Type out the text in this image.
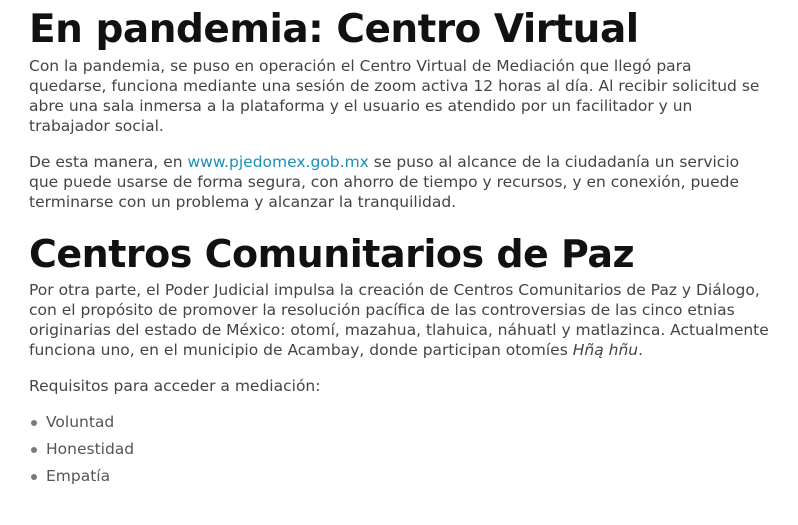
En pandemia: Centro Virtual

Con la pandemia, se puso en operación el Centro Virtual de Mediación que llegó para quedarse, funciona mediante una sesión de zoom activa 12 horas al día. Al recibir solicitud se abre una sala inmersa a la plataforma y el usuario es atendido por un facilitador y un trabajador social.

De esta manera, en www.pjedomex.gob.mx se puso al alcance de la ciudadanía un servicio que puede usarse de forma segura, con ahorro de tiempo y recursos, y en conexión, puede terminarse con un problema y alcanzar la tranquilidad.

Centros Comunitarios de Paz

Por otra parte, el Poder Judicial impulsa la creación de Centros Comunitarios de Paz y Diálogo, con el propósito de promover la resolución pacífica de las controversias de las cinco etnias originarias del estado de México: otomí, mazahua, tlahuica, náhuatl y matlazinca. Actualmente funciona uno, en el municipio de Acambay, donde participan otomíes Hñą hñu.

Requisitos para acceder a mediación:

Voluntad
Honestidad
Empatía
